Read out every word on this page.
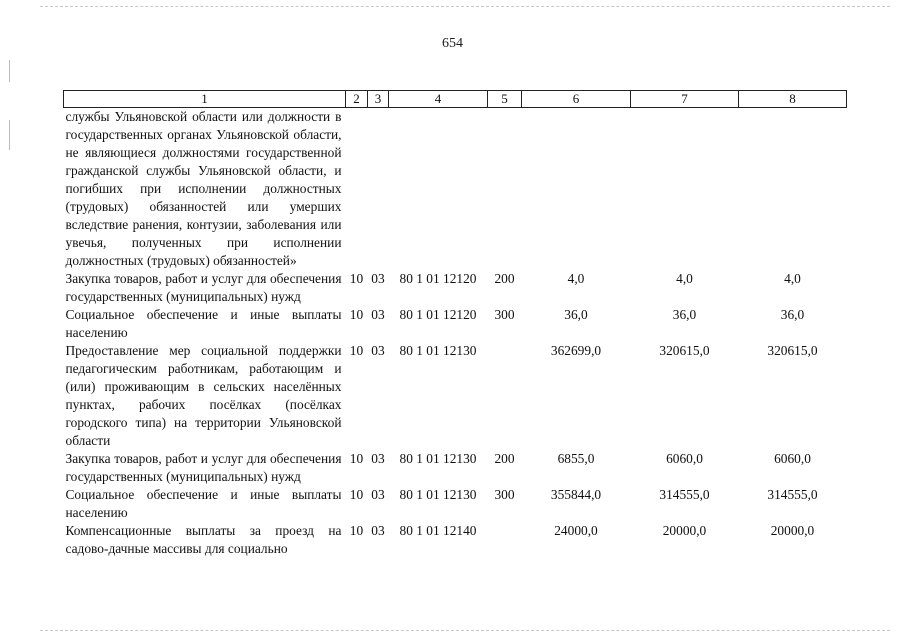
654
1	2	3	4	5	6	7	8
службы Ульяновской области или должности в государственных органах Ульяновской области, не являющиеся должностями государственной гражданской службы Ульяновской области, и погибших при исполнении должностных (трудовых) обязанностей или умерших вследствие ранения, контузии, заболевания или увечья, полученных при исполнении должностных (трудовых) обязанностей»							
Закупка товаров, работ и услуг для обеспечения государственных (муниципальных) нужд	10	03	80 1 01 12120	200	4,0	4,0	4,0
Социальное обеспечение и иные выплаты населению	10	03	80 1 01 12120	300	36,0	36,0	36,0
Предоставление мер социальной поддержки педагогическим работникам, работающим и (или) проживающим в сельских населённых пунктах, рабочих посёлках (посёлках городского типа) на территории Ульяновской области	10	03	80 1 01 12130		362699,0	320615,0	320615,0
Закупка товаров, работ и услуг для обеспечения государственных (муниципальных) нужд	10	03	80 1 01 12130	200	6855,0	6060,0	6060,0
Социальное обеспечение и иные выплаты населению	10	03	80 1 01 12130	300	355844,0	314555,0	314555,0
Компенсационные выплаты за проезд на садово-дачные массивы для социально	10	03	80 1 01 12140		24000,0	20000,0	20000,0
